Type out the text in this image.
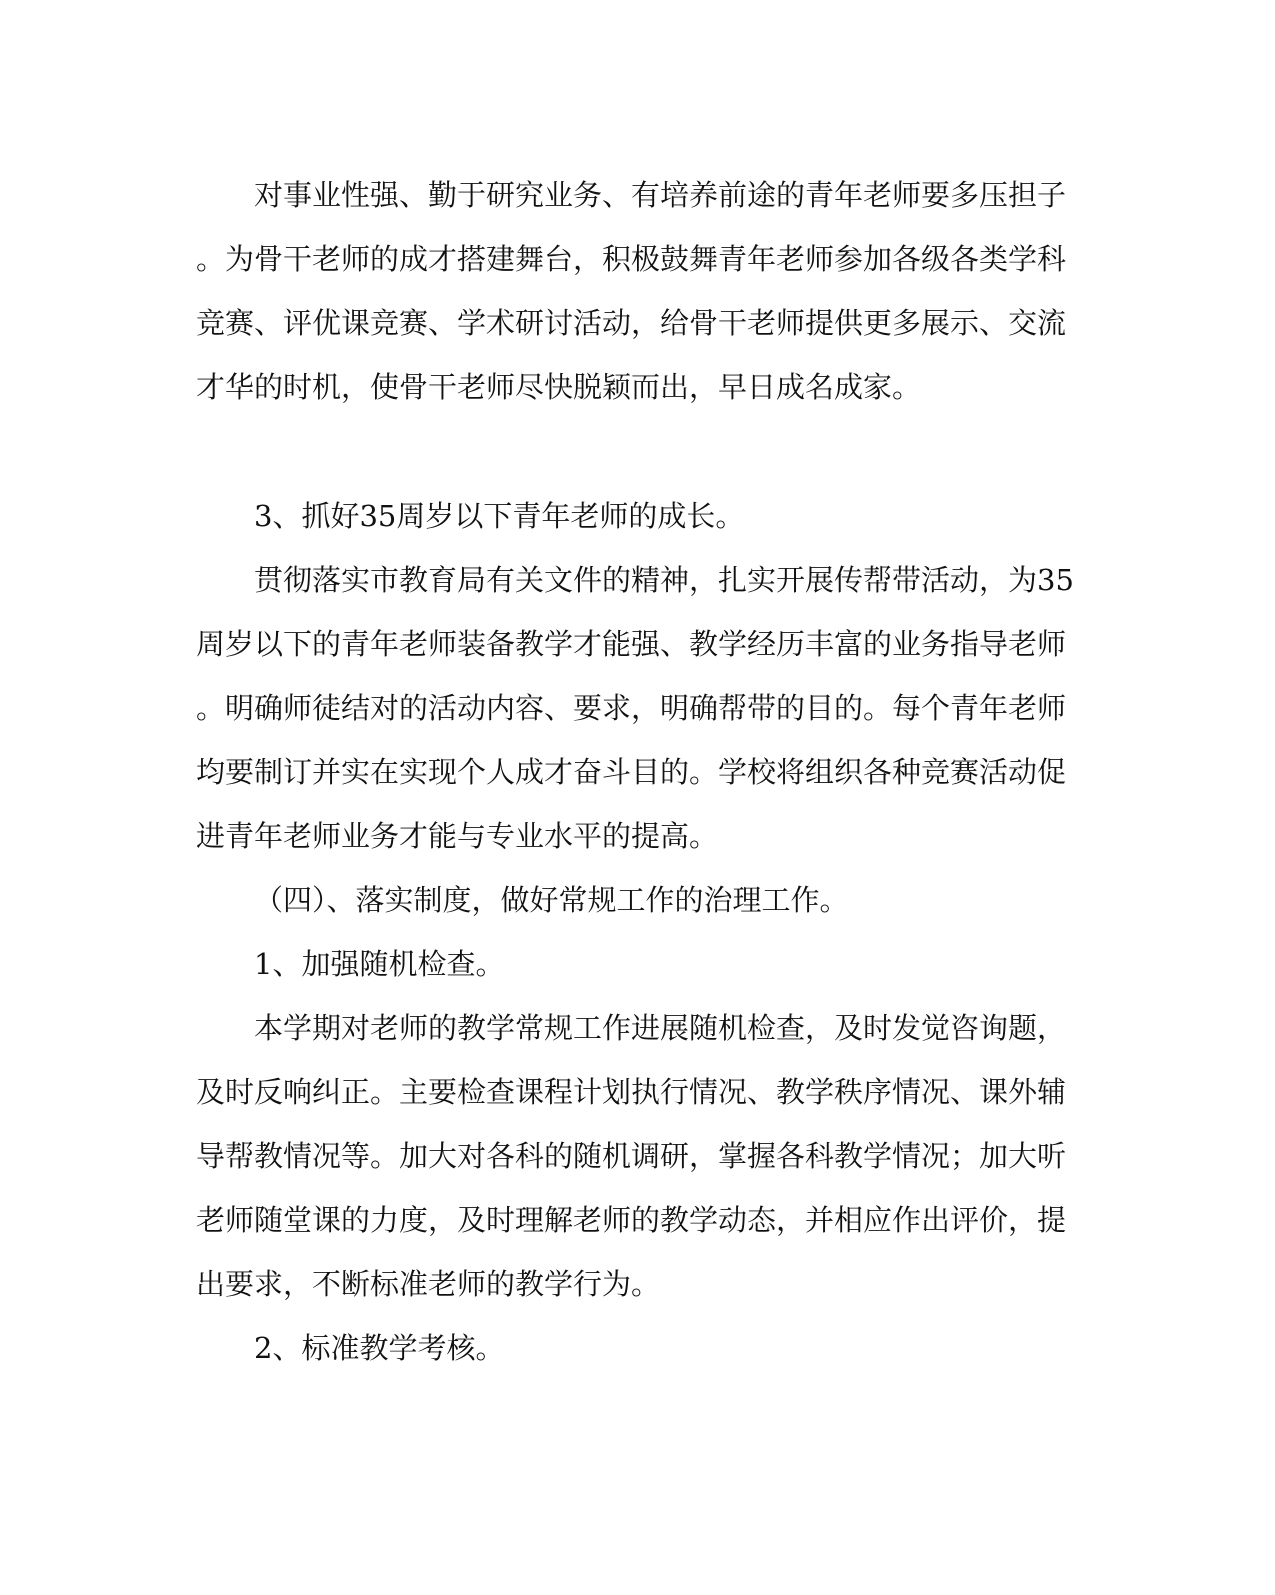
对事业性强、勤于研究业务、有培养前途的青年老师要多压担子
。为骨干老师的成才搭建舞台，积极鼓舞青年老师参加各级各类学科
竞赛、评优课竞赛、学术研讨活动，给骨干老师提供更多展示、交流
才华的时机，使骨干老师尽快脱颖而出，早日成名成家。
3、抓好35周岁以下青年老师的成长。
贯彻落实市教育局有关文件的精神，扎实开展传帮带活动，为35
周岁以下的青年老师装备教学才能强、教学经历丰富的业务指导老师
。明确师徒结对的活动内容、要求，明确帮带的目的。每个青年老师
均要制订并实在实现个人成才奋斗目的。学校将组织各种竞赛活动促
进青年老师业务才能与专业水平的提高。
（四）、落实制度，做好常规工作的治理工作。
1、加强随机检查。
本学期对老师的教学常规工作进展随机检查，及时发觉咨询题，
及时反响纠正。主要检查课程计划执行情况、教学秩序情况、课外辅
导帮教情况等。加大对各科的随机调研，掌握各科教学情况；加大听
老师随堂课的力度，及时理解老师的教学动态，并相应作出评价，提
出要求，不断标准老师的教学行为。
2、标准教学考核。
